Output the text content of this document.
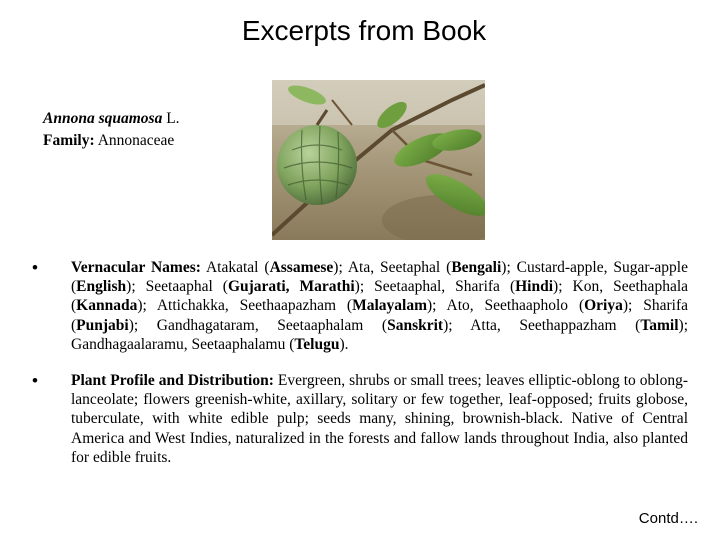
Excerpts from Book
Annona squamosa L.
Family: Annonaceae
• Vernacular Names: Atakatal (Assamese); Ata, Seetaphal (Bengali); Custard-apple, Sugar-apple (English); Seetaaphal (Gujarati, Marathi); Seetaaphal, Sharifa (Hindi); Kon, Seethaphala (Kannada); Attichakka, Seethaapazham (Malayalam); Ato, Seethaapholo (Oriya); Sharifa (Punjabi); Gandhagataram, Seetaaphalam (Sanskrit); Atta, Seethappazham (Tamil); Gandhagaalaramu, Seetaaphalamu (Telugu).
• Plant Profile and Distribution: Evergreen, shrubs or small trees; leaves elliptic-oblong to oblong-lanceolate; flowers greenish-white, axillary, solitary or few together, leaf-opposed; fruits globose, tuberculate, with white edible pulp; seeds many, shining, brownish-black. Native of Central America and West Indies, naturalized in the forests and fallow lands throughout India, also planted for edible fruits.
Contd….
